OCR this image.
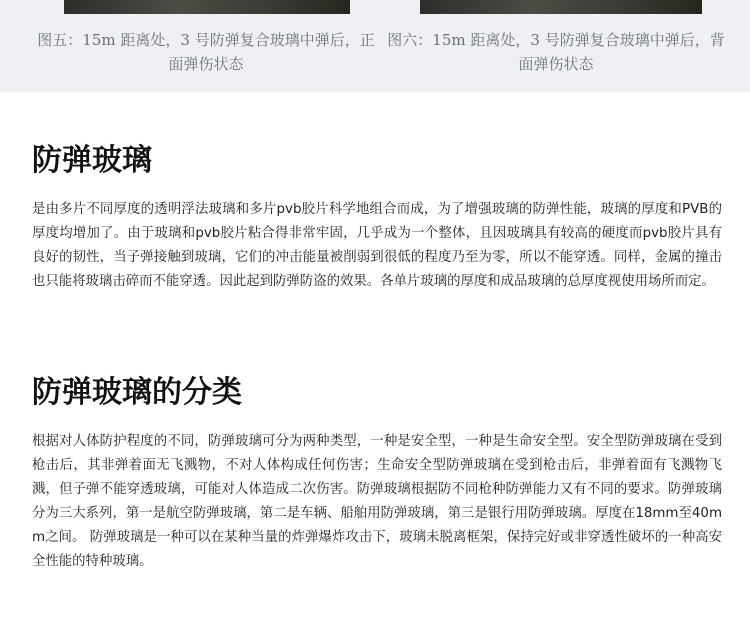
图五：15m 距离处，3 号防弹复合玻璃中弹后，正面弹伤状态
图六：15m 距离处，3 号防弹复合玻璃中弹后，背面弹伤状态
防弹玻璃

是由多片不同厚度的透明浮法玻璃和多片pvb胶片科学地组合而成，为了增强玻璃的防弹性能，玻璃的厚度和PVB的厚度均增加了。由于玻璃和pvb胶片粘合得非常牢固，几乎成为一个整体，且因玻璃具有较高的硬度而pvb胶片具有良好的韧性，当子弹接触到玻璃，它们的冲击能量被削弱到很低的程度乃至为零，所以不能穿透。同样，金属的撞击也只能将玻璃击碎而不能穿透。因此起到防弹防盗的效果。各单片玻璃的厚度和成品玻璃的总厚度视使用场所而定。

防弹玻璃的分类

根据对人体防护程度的不同，防弹玻璃可分为两种类型，一种是安全型，一种是生命安全型。安全型防弹玻璃在受到枪击后，其非弹着面无飞溅物，不对人体构成任何伤害；生命安全型防弹玻璃在受到枪击后，非弹着面有飞溅物飞溅，但子弹不能穿透玻璃，可能对人体造成二次伤害。防弹玻璃根据防不同枪种防弹能力又有不同的要求。防弹玻璃分为三大系列，第一是航空防弹玻璃，第二是车辆、船舶用防弹玻璃，第三是银行用防弹玻璃。厚度在18mm至40mm之间。 防弹玻璃是一种可以在某种当量的炸弹爆炸攻击下，玻璃未脱离框架，保持完好或非穿透性破坏的一种高安全性能的特种玻璃。
